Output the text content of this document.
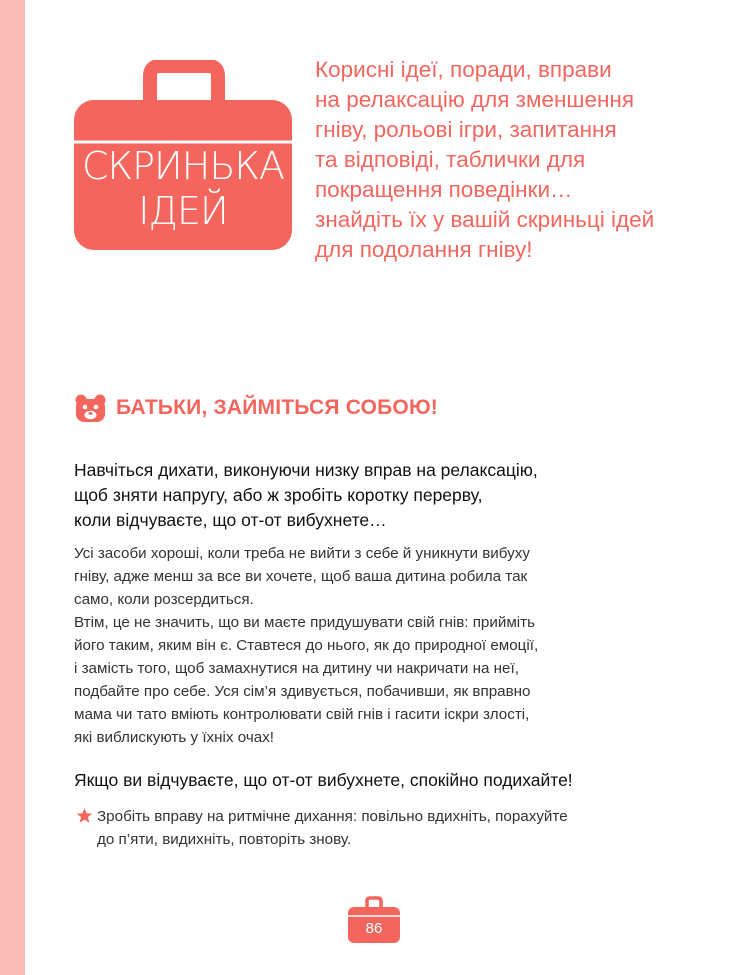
СКРИНЬКА
ІДЕЙ
Корисні ідеї, поради, вправи
на релаксацію для зменшення
гніву, рольові ігри, запитання
та відповіді, таблички для
покращення поведінки…
знайдіть їх у вашій скриньці ідей
для подолання гніву!
БАТЬКИ, ЗАЙМІТЬСЯ СОБОЮ!
Навчіться дихати, виконуючи низку вправ на релаксацію,
щоб зняти напругу, або ж зробіть коротку перерву,
коли відчуваєте, що от-от вибухнете…

Усі засоби хороші, коли треба не вийти з себе й уникнути вибуху

гніву, адже менш за все ви хочете, щоб ваша дитина робила так

само, коли розсердиться.

Втім, це не значить, що ви маєте придушувати свій гнів: прийміть

його таким, яким він є. Ставтеся до нього, як до природної емоції,

і замість того, щоб замахнутися на дитину чи накричати на неї,

подбайте про себе. Уся сім’я здивується, побачивши, як вправно

мама чи тато вміють контролювати свій гнів і гасити іскри злості,

які виблискують у їхніх очах!

Якщо ви відчуваєте, що от-от вибухнете, спокійно подихайте!
Зробіть вправу на ритмічне дихання: повільно вдихніть, порахуйте
до п’яти, видихніть, повторіть знову.
86
